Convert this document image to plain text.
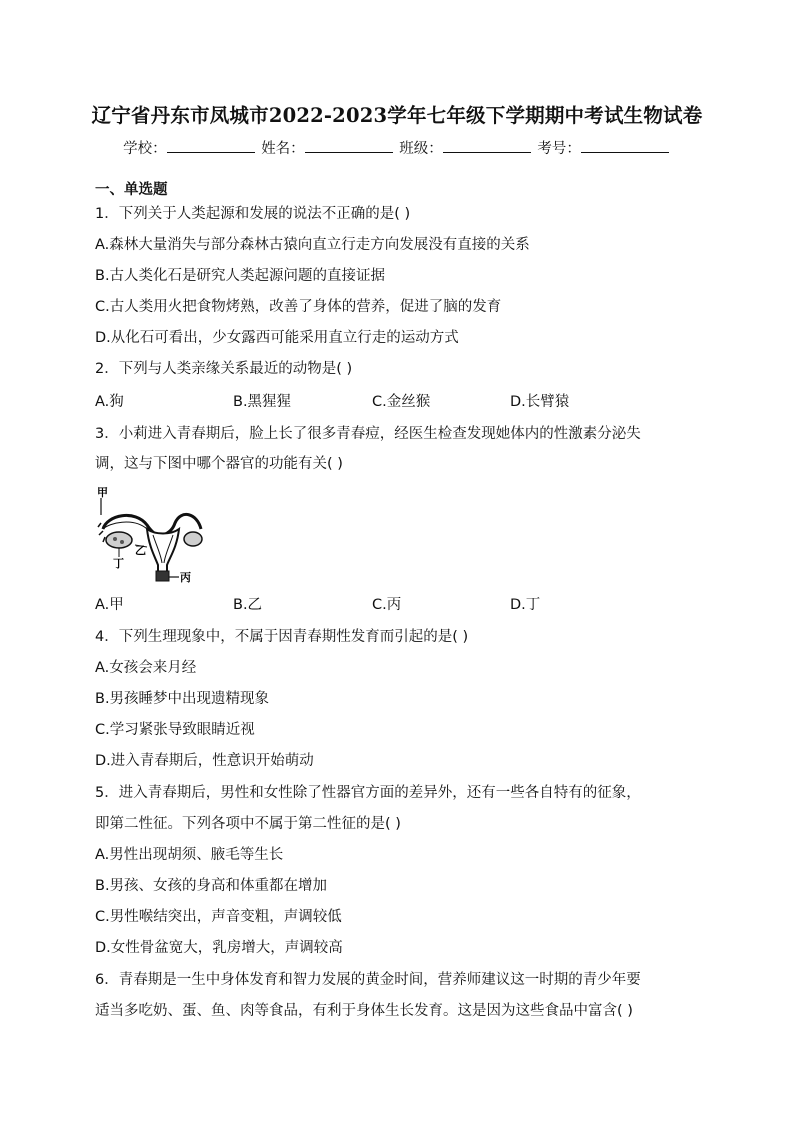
辽宁省丹东市凤城市2022-2023学年七年级下学期期中考试生物试卷
学校：	姓名：	班级：	考号：
一、单选题
1．下列关于人类起源和发展的说法不正确的是( )
A.森林大量消失与部分森林古猿向直立行走方向发展没有直接的关系
B.古人类化石是研究人类起源问题的直接证据
C.古人类用火把食物烤熟，改善了身体的营养，促进了脑的发育
D.从化石可看出，少女露西可能采用直立行走的运动方式
2．下列与人类亲缘关系最近的动物是( )
A.狗	B.黑猩猩	C.金丝猴	D.长臂猿
3．小莉进入青春期后，脸上长了很多青春痘，经医生检查发现她体内的性激素分泌失
调，这与下图中哪个器官的功能有关( )
甲
乙
丁
丙
A.甲	B.乙	C.丙	D.丁
4．下列生理现象中，不属于因青春期性发育而引起的是( )
A.女孩会来月经
B.男孩睡梦中出现遗精现象
C.学习紧张导致眼睛近视
D.进入青春期后，性意识开始萌动
5．进入青春期后，男性和女性除了性器官方面的差异外，还有一些各自特有的征象，
即第二性征。下列各项中不属于第二性征的是( )
A.男性出现胡须、腋毛等生长
B.男孩、女孩的身高和体重都在增加
C.男性喉结突出，声音变粗，声调较低
D.女性骨盆宽大，乳房增大，声调较高
6．青春期是一生中身体发育和智力发展的黄金时间，营养师建议这一时期的青少年要
适当多吃奶、蛋、鱼、肉等食品，有利于身体生长发育。这是因为这些食品中富含( )
